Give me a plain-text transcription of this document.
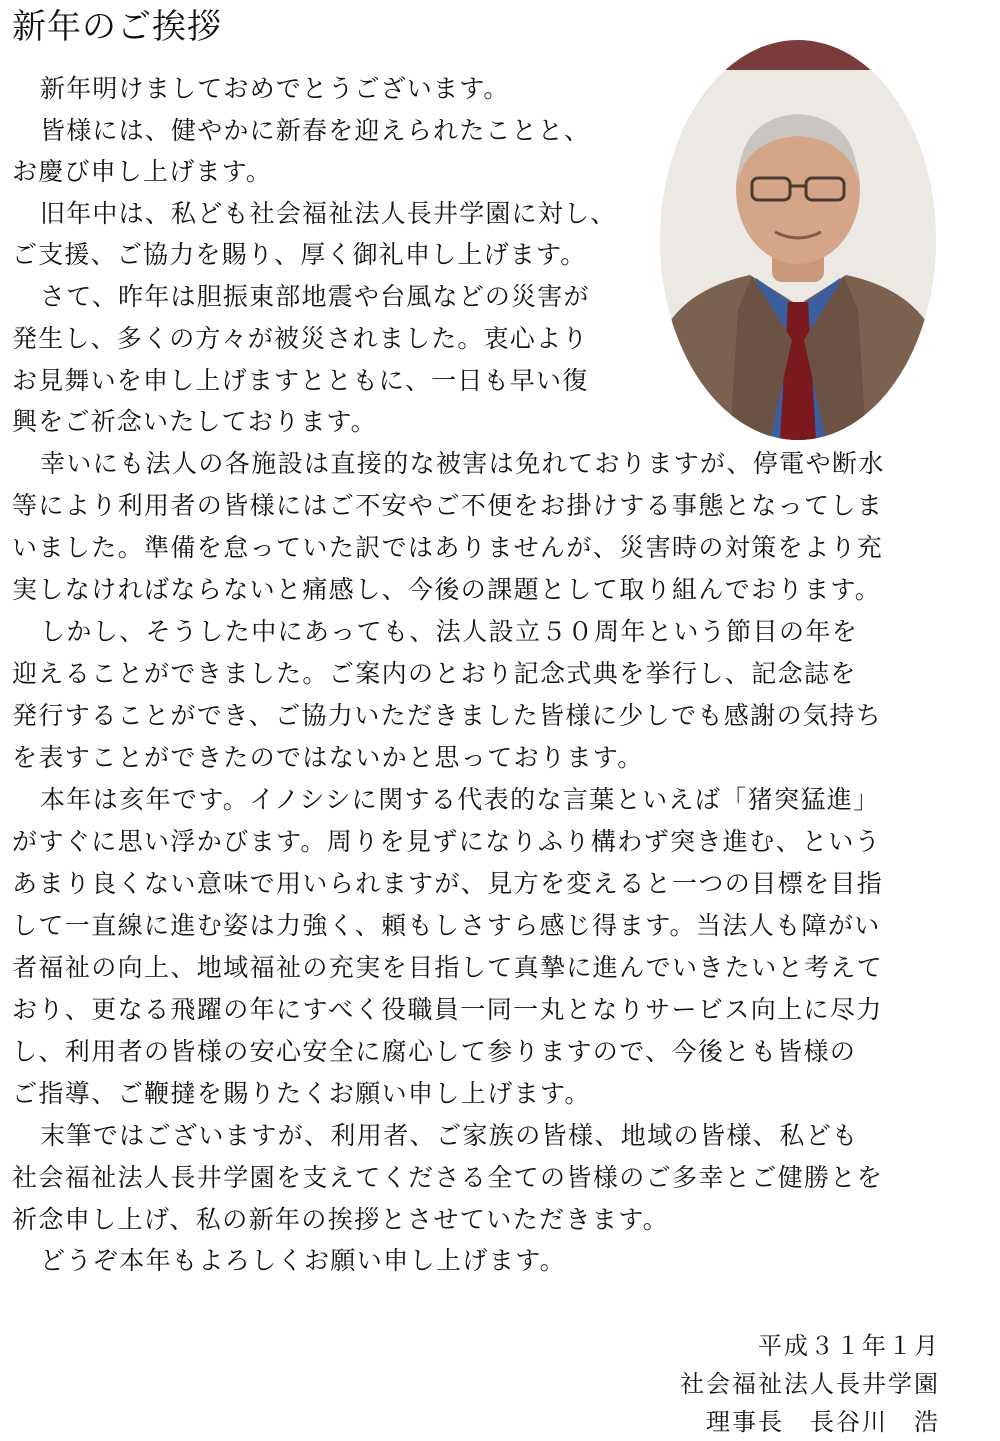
新年のご挨拶
新年明けましておめでとうございます。
皆様には、健やかに新春を迎えられたことと、
お慶び申し上げます。
旧年中は、私ども社会福祉法人長井学園に対し、
ご支援、ご協力を賜り、厚く御礼申し上げます。
さて、昨年は胆振東部地震や台風などの災害が
発生し、多くの方々が被災されました。衷心より
お見舞いを申し上げますとともに、一日も早い復
興をご祈念いたしております。
幸いにも法人の各施設は直接的な被害は免れておりますが、停電や断水
等により利用者の皆様にはご不安やご不便をお掛けする事態となってしま
いました。準備を怠っていた訳ではありませんが、災害時の対策をより充
実しなければならないと痛感し、今後の課題として取り組んでおります。
しかし、そうした中にあっても、法人設立５０周年という節目の年を
迎えることができました。ご案内のとおり記念式典を挙行し、記念誌を
発行することができ、ご協力いただきました皆様に少しでも感謝の気持ち
を表すことができたのではないかと思っております。
本年は亥年です。イノシシに関する代表的な言葉といえば「猪突猛進」
がすぐに思い浮かびます。周りを見ずになりふり構わず突き進む、という
あまり良くない意味で用いられますが、見方を変えると一つの目標を目指
して一直線に進む姿は力強く、頼もしさすら感じ得ます。当法人も障がい
者福祉の向上、地域福祉の充実を目指して真摯に進んでいきたいと考えて
おり、更なる飛躍の年にすべく役職員一同一丸となりサービス向上に尽力
し、利用者の皆様の安心安全に腐心して参りますので、今後とも皆様の
ご指導、ご鞭撻を賜りたくお願い申し上げます。
末筆ではございますが、利用者、ご家族の皆様、地域の皆様、私ども
社会福祉法人長井学園を支えてくださる全ての皆様のご多幸とご健勝とを
祈念申し上げ、私の新年の挨拶とさせていただきます。
どうぞ本年もよろしくお願い申し上げます。
平成３１年１月
社会福祉法人長井学園
理事長　長谷川　浩
